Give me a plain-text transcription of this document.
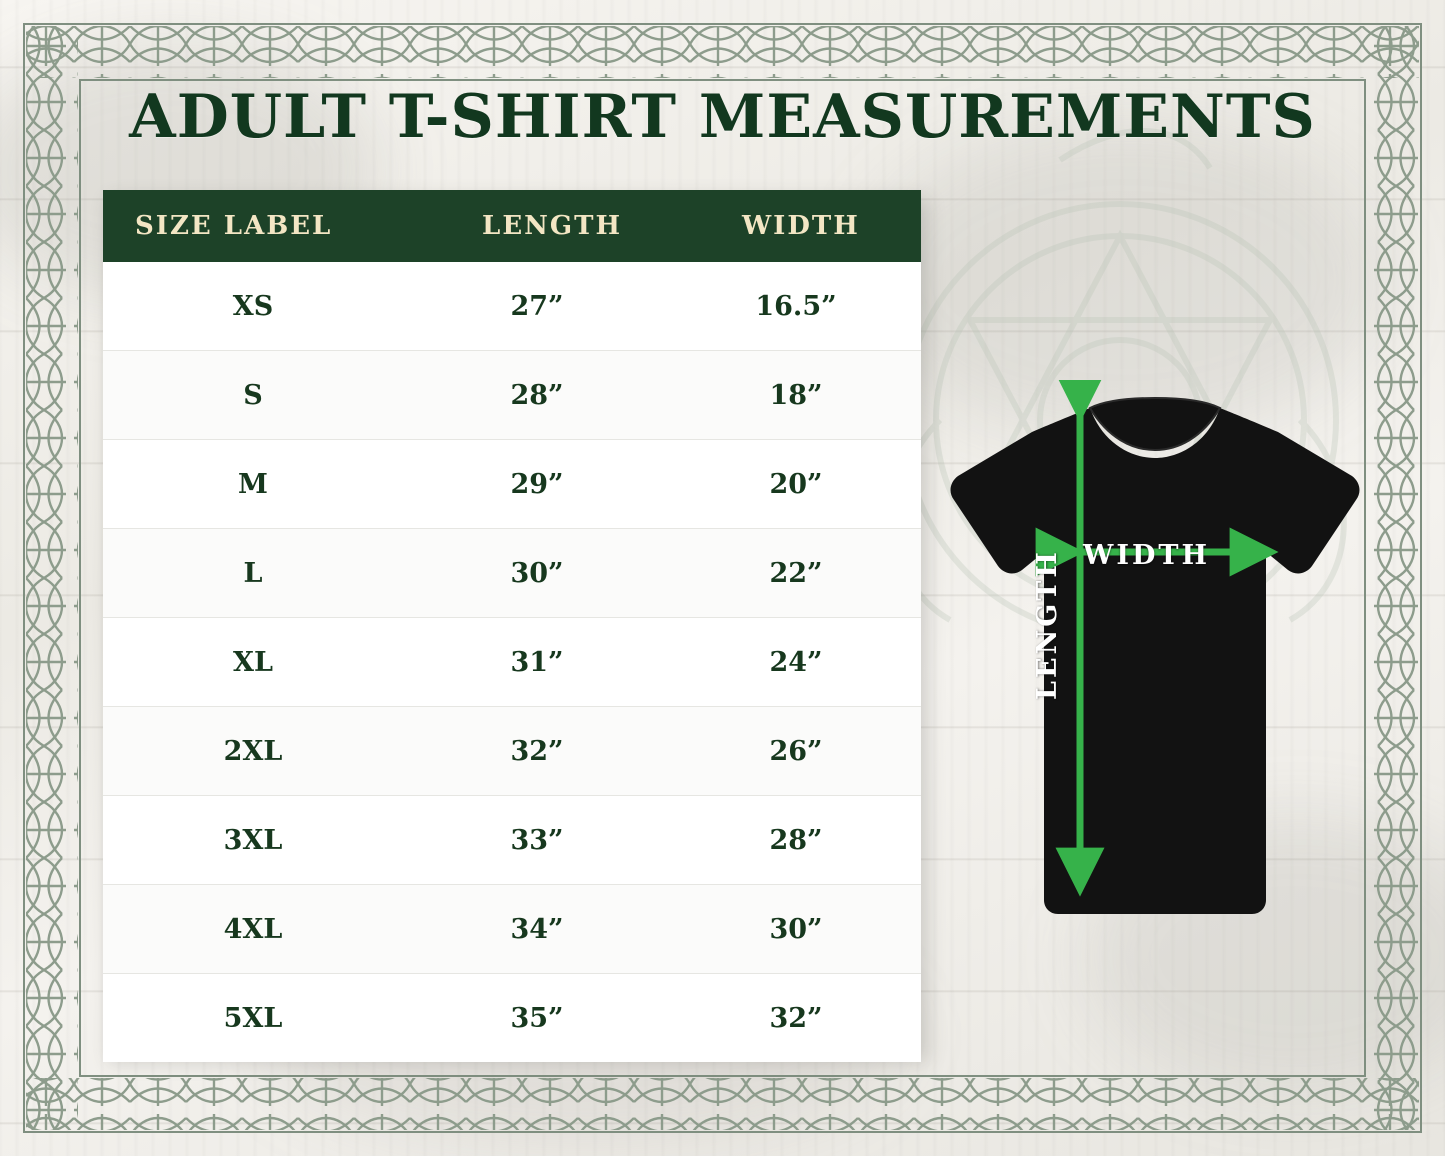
ADULT T-SHIRT MEASUREMENTS
SIZE LABEL	LENGTH	WIDTH
XS	27”	16.5”
S	28”	18”
M	29”	20”
L	30”	22”
XL	31”	24”
2XL	32”	26”
3XL	33”	28”
4XL	34”	30”
5XL	35”	32”
WIDTH
LENGTH
